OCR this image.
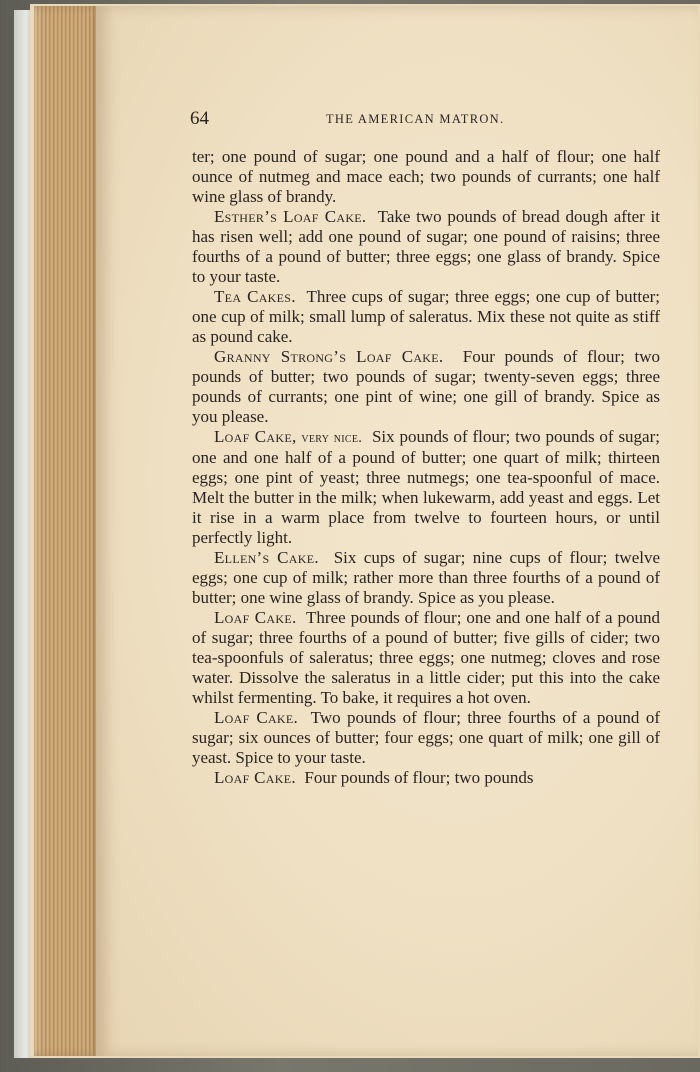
64	THE AMERICAN MATRON.

ter; one pound of sugar; one pound and a half of flour; one half ounce of nutmeg and mace each; two pounds of currants; one half wine glass of brandy.

Esther’s Loaf Cake. Take two pounds of bread dough after it has risen well; add one pound of sugar; one pound of raisins; three fourths of a pound of butter; three eggs; one glass of brandy. Spice to your taste.

Tea Cakes. Three cups of sugar; three eggs; one cup of butter; one cup of milk; small lump of saleratus. Mix these not quite as stiff as pound cake.

Granny Strong’s Loaf Cake. Four pounds of flour; two pounds of butter; two pounds of sugar; twenty-seven eggs; three pounds of currants; one pint of wine; one gill of brandy. Spice as you please.

Loaf Cake, very nice. Six pounds of flour; two pounds of sugar; one and one half of a pound of butter; one quart of milk; thirteen eggs; one pint of yeast; three nutmegs; one tea-spoonful of mace. Melt the butter in the milk; when lukewarm, add yeast and eggs. Let it rise in a warm place from twelve to fourteen hours, or until perfectly light.

Ellen’s Cake. Six cups of sugar; nine cups of flour; twelve eggs; one cup of milk; rather more than three fourths of a pound of butter; one wine glass of brandy. Spice as you please.

Loaf Cake. Three pounds of flour; one and one half of a pound of sugar; three fourths of a pound of butter; five gills of cider; two tea-spoonfuls of saleratus; three eggs; one nutmeg; cloves and rose water. Dissolve the saleratus in a little cider; put this into the cake whilst fermenting. To bake, it requires a hot oven.

Loaf Cake. Two pounds of flour; three fourths of a pound of sugar; six ounces of butter; four eggs; one quart of milk; one gill of yeast. Spice to your taste.

Loaf Cake. Four pounds of flour; two pounds
